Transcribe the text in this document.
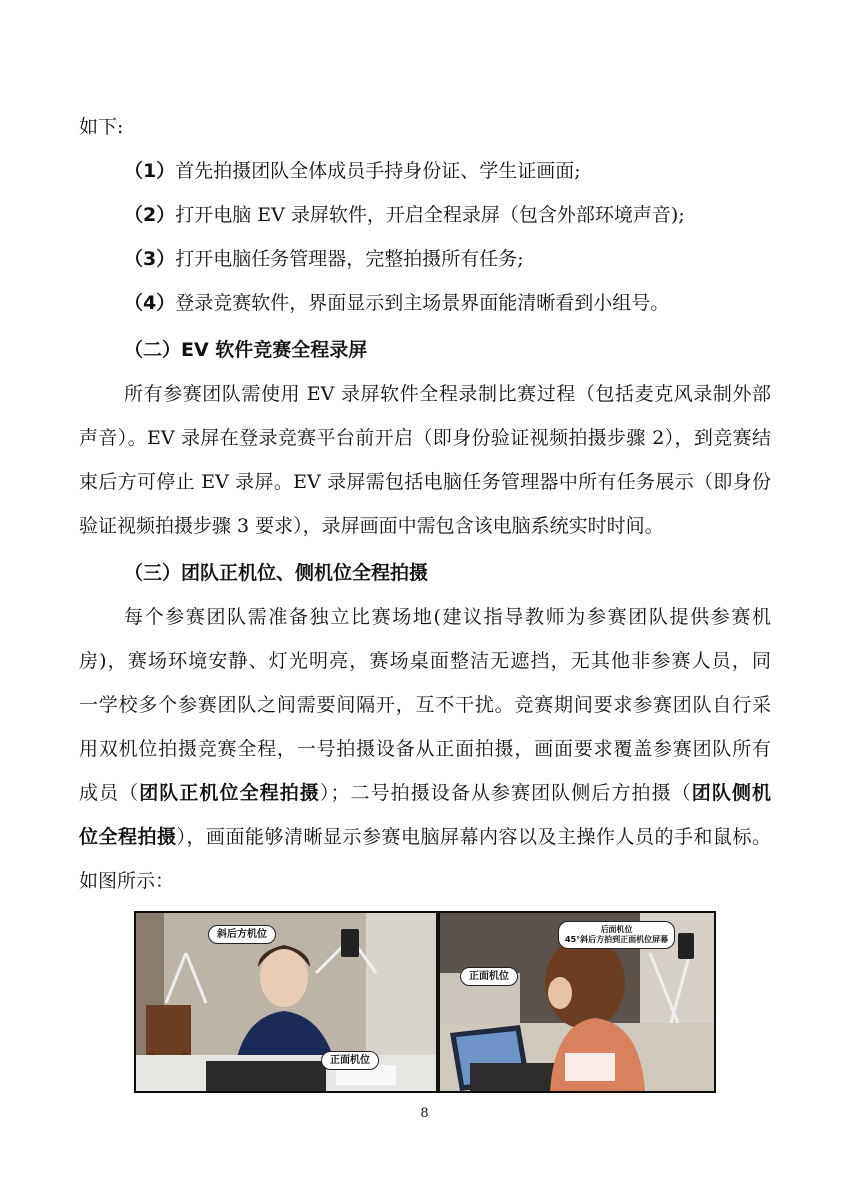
如下:
（1）首先拍摄团队全体成员手持身份证、学生证画面;
（2）打开电脑 EV 录屏软件，开启全程录屏（包含外部环境声音);
（3）打开电脑任务管理器，完整拍摄所有任务;
（4）登录竞赛软件，界面显示到主场景界面能清晰看到小组号。
（二）EV 软件竞赛全程录屏
所有参赛团队需使用 EV 录屏软件全程录制比赛过程（包括麦克风录制外部
声音）。EV 录屏在登录竞赛平台前开启（即身份验证视频拍摄步骤 2），到竞赛结
束后方可停止 EV 录屏。EV 录屏需包括电脑任务管理器中所有任务展示（即身份
验证视频拍摄步骤 3 要求），录屏画面中需包含该电脑系统实时时间。
（三）团队正机位、侧机位全程拍摄
每个参赛团队需准备独立比赛场地(建议指导教师为参赛团队提供参赛机
房)，赛场环境安静、灯光明亮，赛场桌面整洁无遮挡，无其他非参赛人员，同
一学校多个参赛团队之间需要间隔开，互不干扰。竞赛期间要求参赛团队自行采
用双机位拍摄竞赛全程，一号拍摄设备从正面拍摄，画面要求覆盖参赛团队所有
成员（团队正机位全程拍摄）；二号拍摄设备从参赛团队侧后方拍摄（团队侧机
位全程拍摄），画面能够清晰显示参赛电脑屏幕内容以及主操作人员的手和鼠标。
如图所示：
斜后方机位
正面机位
后面机位
45°斜后方拍到正面机位屏幕
正面机位
8
